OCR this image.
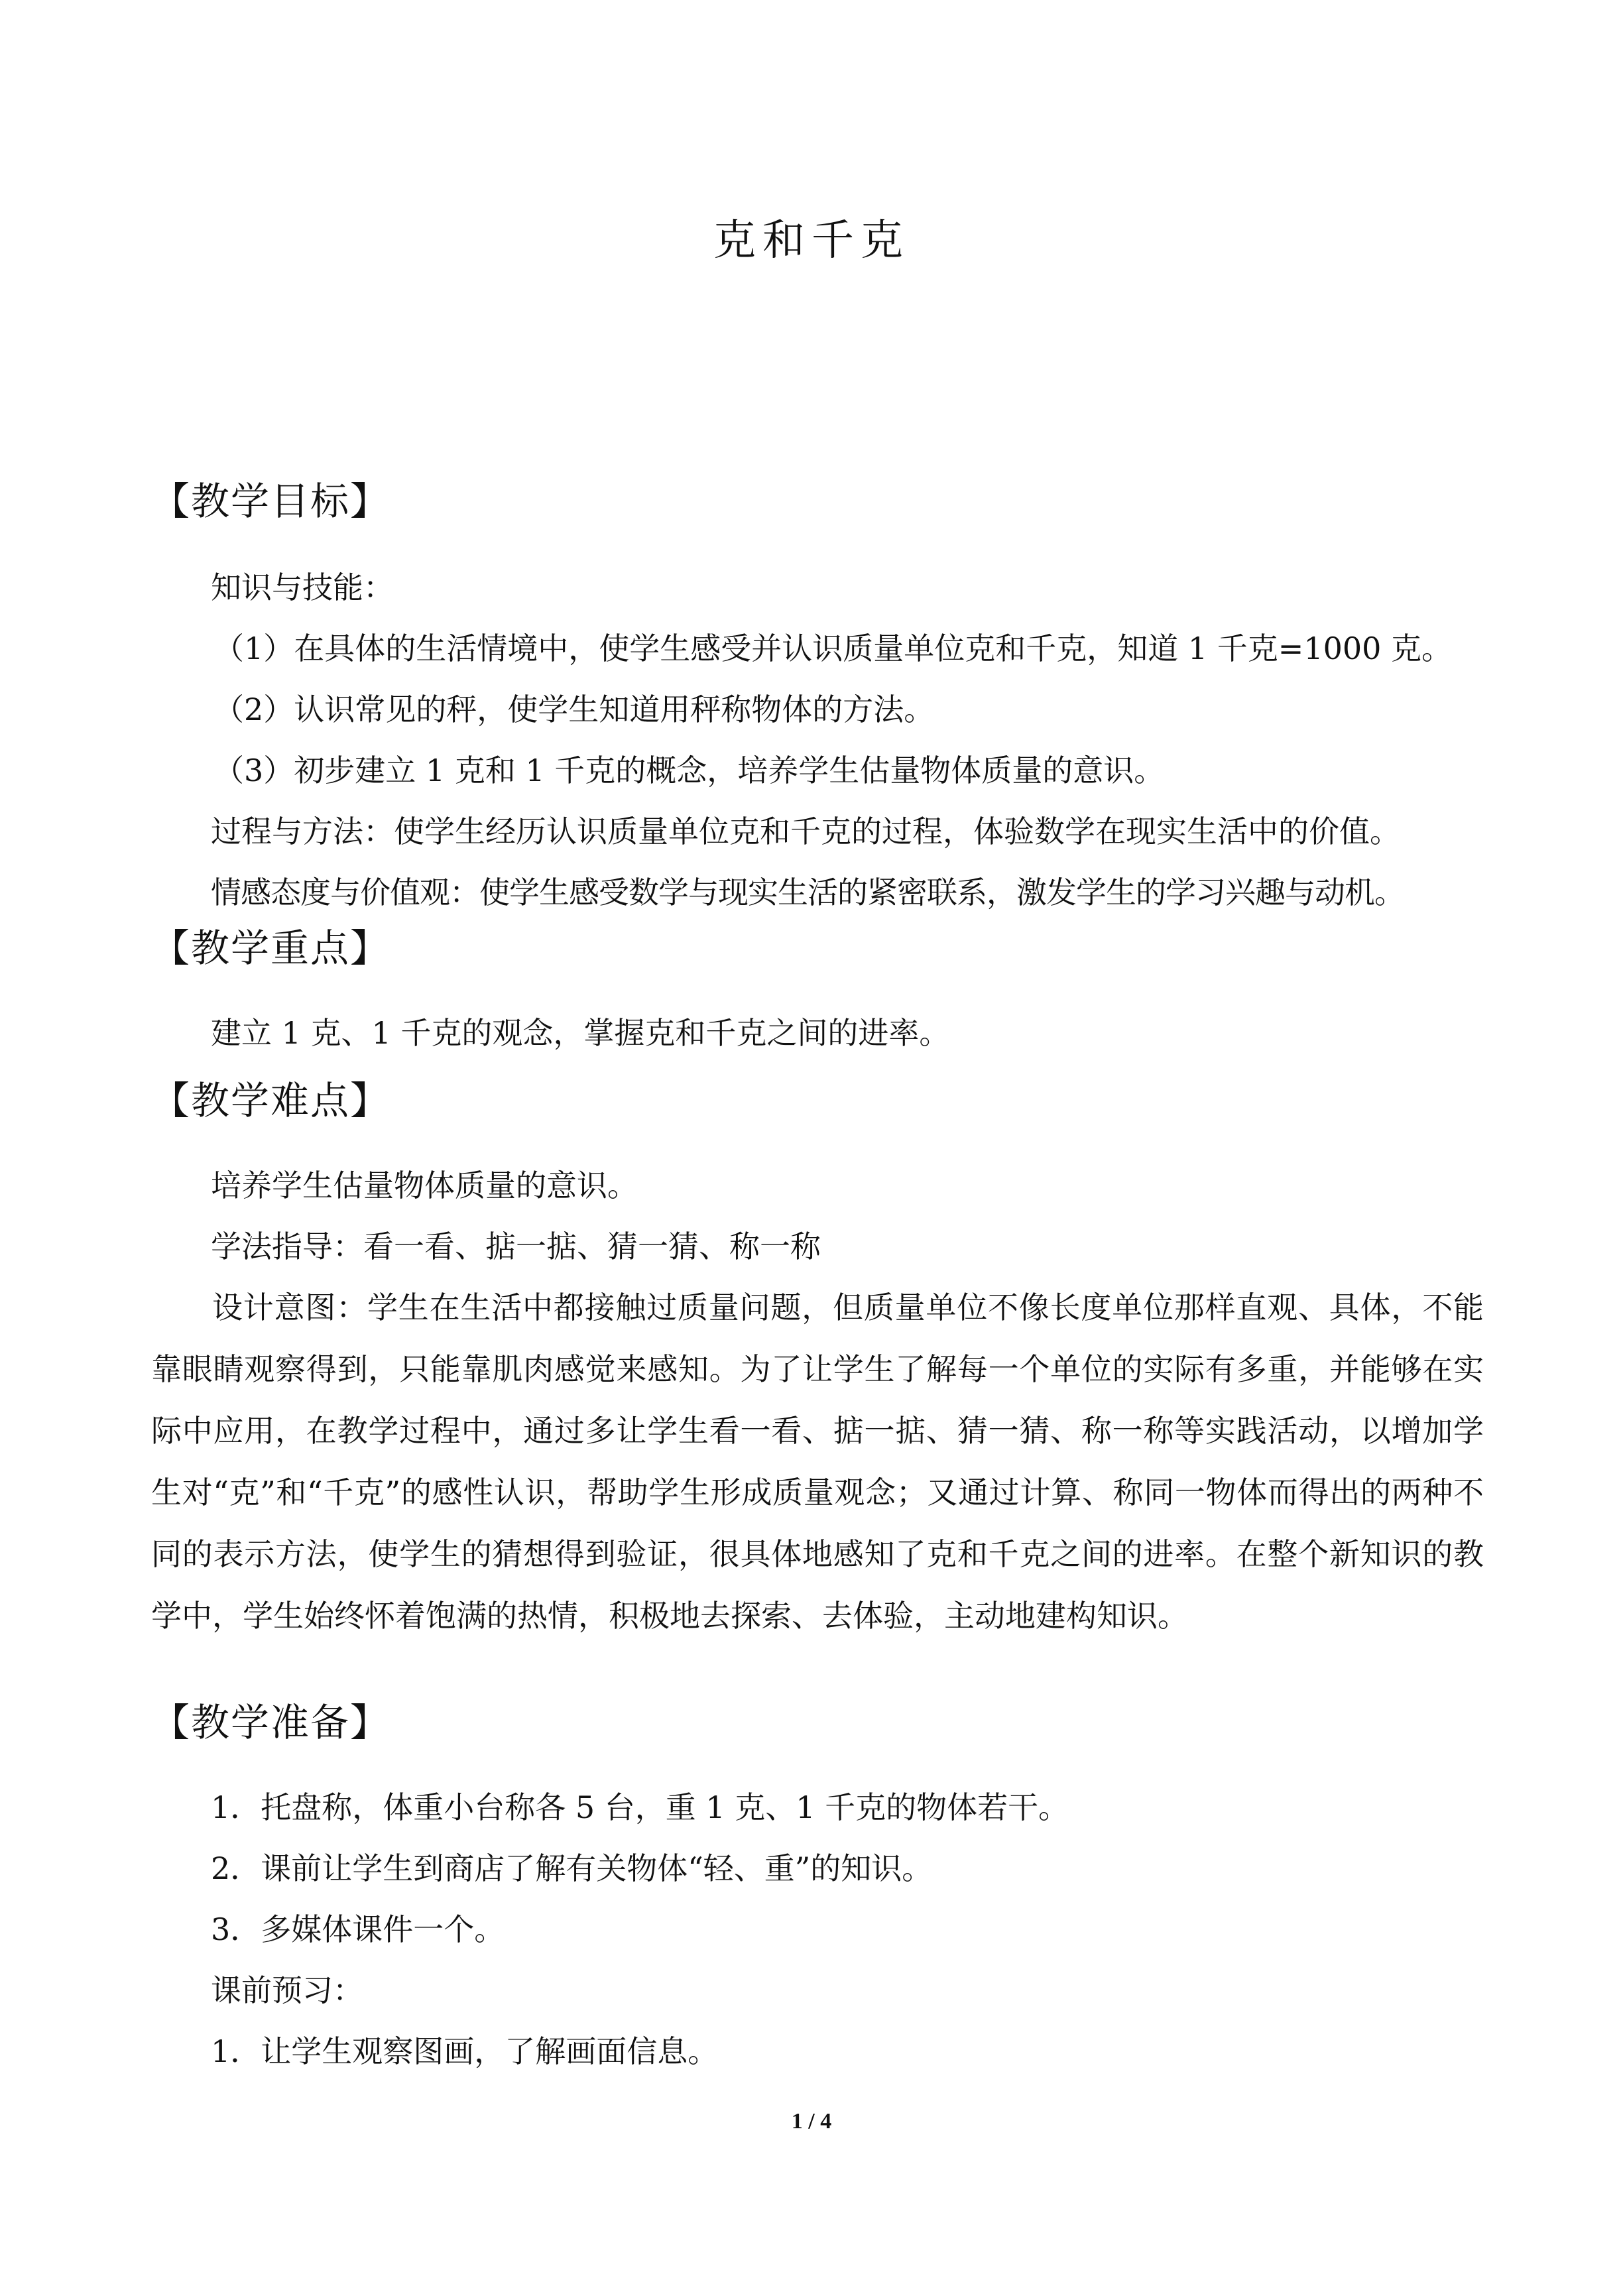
克和千克
【教学目标】
知识与技能：
（1）在具体的生活情境中，使学生感受并认识质量单位克和千克，知道 1 千克=1000 克。
（2）认识常见的秤，使学生知道用秤称物体的方法。
（3）初步建立 1 克和 1 千克的概念，培养学生估量物体质量的意识。
过程与方法：使学生经历认识质量单位克和千克的过程，体验数学在现实生活中的价值。
情感态度与价值观：使学生感受数学与现实生活的紧密联系，激发学生的学习兴趣与动机。
【教学重点】
建立 1 克、1 千克的观念，掌握克和千克之间的进率。
【教学难点】
培养学生估量物体质量的意识。
学法指导：看一看、掂一掂、猜一猜、称一称
设计意图：学生在生活中都接触过质量问题，但质量单位不像长度单位那样直观、具体，不能靠眼睛观察得到，只能靠肌肉感觉来感知。为了让学生了解每一个单位的实际有多重，并能够在实际中应用，在教学过程中，通过多让学生看一看、掂一掂、猜一猜、称一称等实践活动，以增加学生对“克”和“千克”的感性认识，帮助学生形成质量观念；又通过计算、称同一物体而得出的两种不同的表示方法，使学生的猜想得到验证，很具体地感知了克和千克之间的进率。在整个新知识的教学中，学生始终怀着饱满的热情，积极地去探索、去体验，主动地建构知识。
【教学准备】
1．托盘称，体重小台称各 5 台，重 1 克、1 千克的物体若干。
2．课前让学生到商店了解有关物体“轻、重”的知识。
3．多媒体课件一个。
课前预习：
1．让学生观察图画，了解画面信息。
1 / 4
